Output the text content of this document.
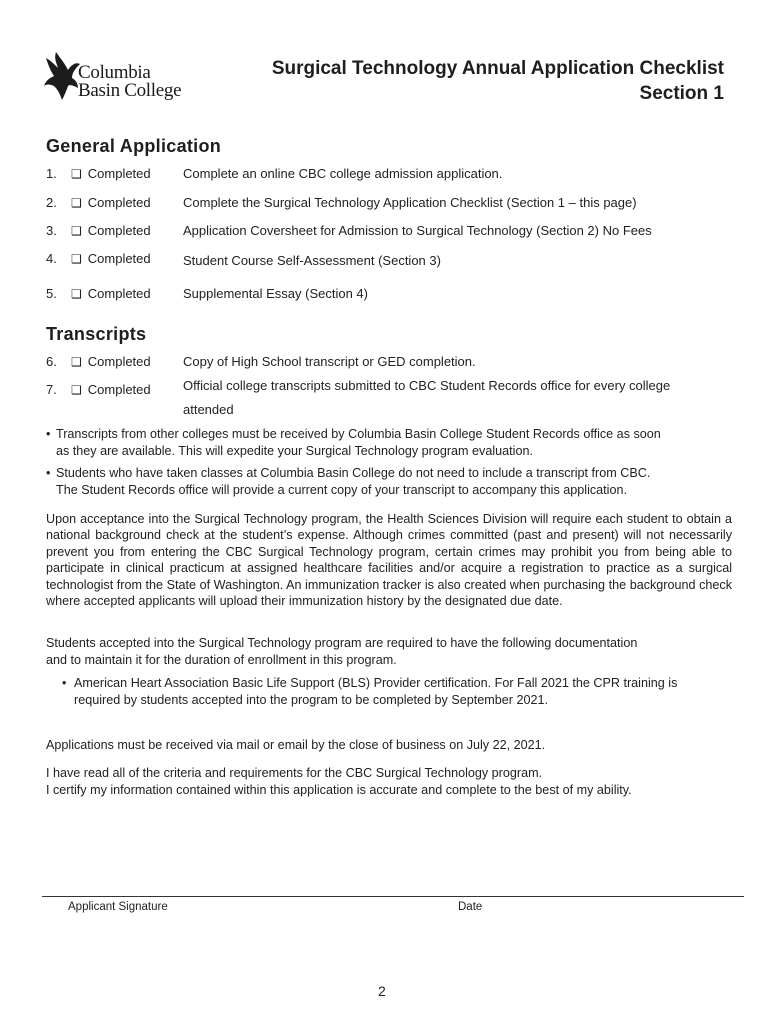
Columbia
Basin College
Surgical Technology Annual Application Checklist
Section 1
General Application
1. ❑ Completed Complete an online CBC college admission application.
2. ❑ Completed Complete the Surgical Technology Application Checklist (Section 1 – this page)
3. ❑ Completed Application Coversheet for Admission to Surgical Technology (Section 2) No Fees
4. ❑ Completed Student Course Self-Assessment (Section 3)
5. ❑ Completed Supplemental Essay (Section 4)
Transcripts
6. ❑ Completed Copy of High School transcript or GED completion.
7. ❑ Completed Official college transcripts submitted to CBC Student Records office for every college
attended
• Transcripts from other colleges must be received by Columbia Basin College Student Records office as soon
as they are available. This will expedite your Surgical Technology program evaluation.
• Students who have taken classes at Columbia Basin College do not need to include a transcript from CBC.
The Student Records office will provide a current copy of your transcript to accompany this application.
Upon acceptance into the Surgical Technology program, the Health Sciences Division will require each student to obtain a national background check at the student’s expense. Although crimes committed (past and present) will not necessarily prevent you from entering the CBC Surgical Technology program, certain crimes may prohibit you from being able to participate in clinical practicum at assigned healthcare facilities and/or acquire a registration to practice as a surgical technologist from the State of Washington. An immunization tracker is also created when purchasing the background check where accepted applicants will upload their immunization history by the designated due date.
Students accepted into the Surgical Technology program are required to have the following documentation
and to maintain it for the duration of enrollment in this program.
• American Heart Association Basic Life Support (BLS) Provider certification. For Fall 2021 the CPR training is
required by students accepted into the program to be completed by September 2021.
Applications must be received via mail or email by the close of business on July 22, 2021.
I have read all of the criteria and requirements for the CBC Surgical Technology program.
I certify my information contained within this application is accurate and complete to the best of my ability.
Applicant Signature	Date
2
